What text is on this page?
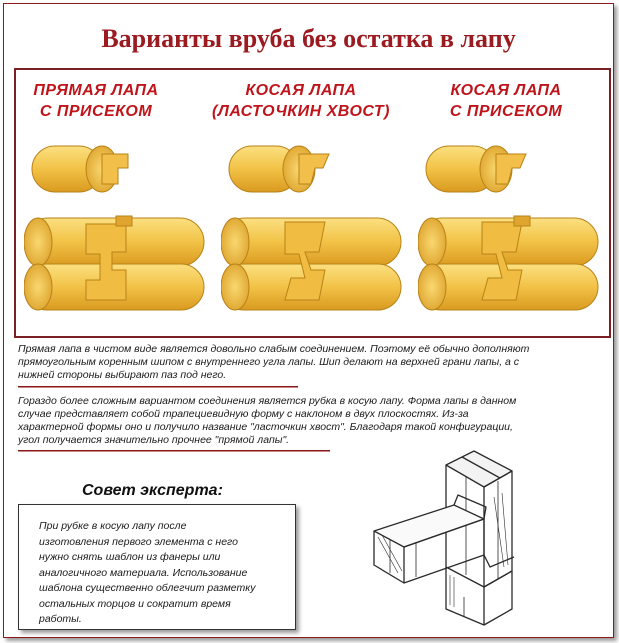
Варианты вруба без остатка в лапу
ПРЯМАЯ ЛАПА
С ПРИСЕКОМ
КОСАЯ ЛАПА
(ЛАСТОЧКИН ХВОСТ)
КОСАЯ ЛАПА
С ПРИСЕКОМ
Прямая лапа в чистом виде является довольно слабым соединением. Поэтому её обычно дополняют
прямоугольным коренным шипом с внутреннего угла лапы. Шип делают на верхней грани лапы, а с
нижней стороны выбирают паз под него.
Гораздо более сложным вариантом соединения является рубка в косую лапу. Форма лапы в данном
случае представляет собой трапециевидную форму с наклоном в двух плоскостях. Из-за
характерной формы оно и получило название "ласточкин хвост". Благодаря такой конфигурации,
угол получается значительно прочнее "прямой лапы".
Совет эксперта:
При рубке в косую лапу после
изготовления первого элемента с него
нужно снять шаблон из фанеры или
аналогичного материала. Использование
шаблона существенно облегчит разметку
остальных торцов и сократит время
работы.
